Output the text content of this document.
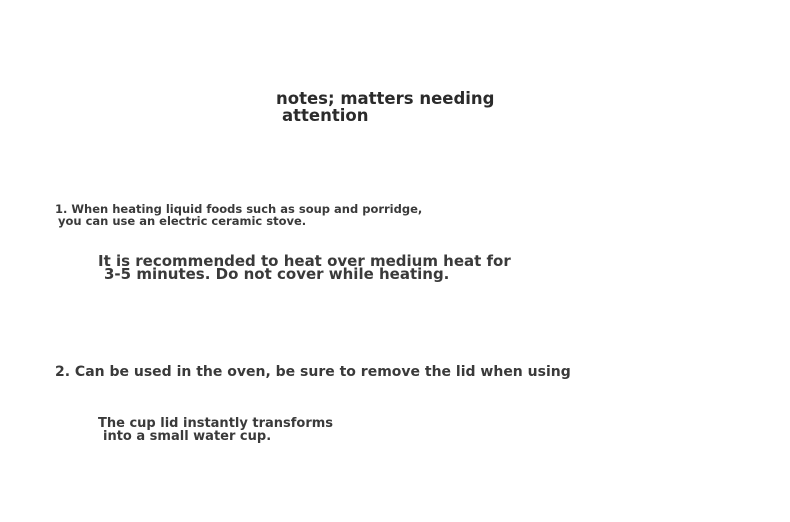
notes; matters needing
attention
1. When heating liquid foods such as soup and porridge,
you can use an electric ceramic stove.
It is recommended to heat over medium heat for
3-5 minutes. Do not cover while heating.
2. Can be used in the oven, be sure to remove the lid when using
The cup lid instantly transforms
into a small water cup.
